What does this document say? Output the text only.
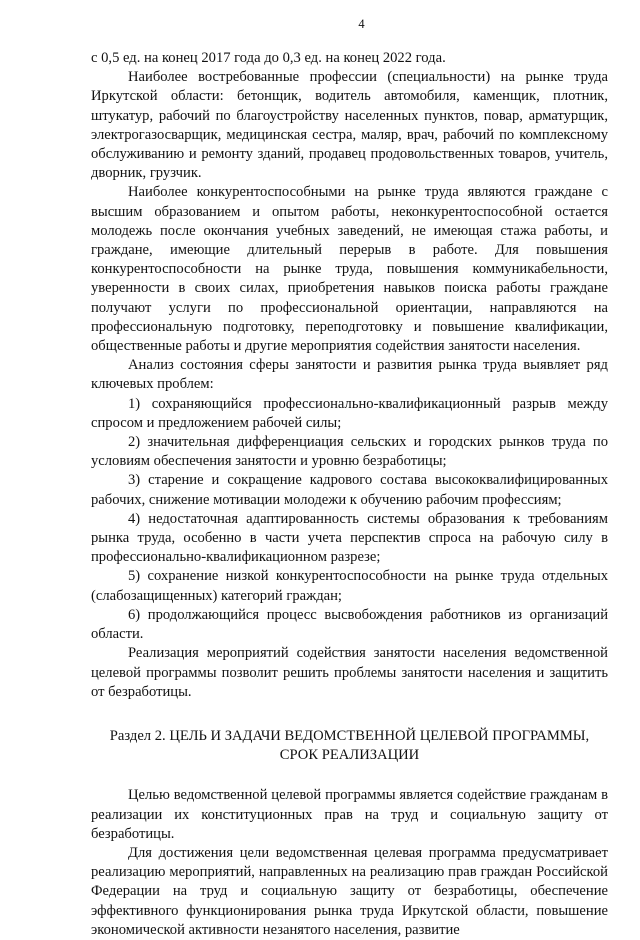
4

с 0,5 ед. на конец 2017 года до 0,3 ед. на конец 2022 года.

Наиболее востребованные профессии (специальности) на рынке труда Иркутской области: бетонщик, водитель автомобиля, каменщик, плотник, штукатур, рабочий по благоустройству населенных пунктов, повар, арматурщик, электрогазосварщик, медицинская сестра, маляр, врач, рабочий по комплексному обслуживанию и ремонту зданий, продавец продовольственных товаров, учитель, дворник, грузчик.

Наиболее конкурентоспособными на рынке труда являются граждане с высшим образованием и опытом работы, неконкурентоспособной остается молодежь после окончания учебных заведений, не имеющая стажа работы, и граждане, имеющие длительный перерыв в работе. Для повышения конкурентоспособности на рынке труда, повышения коммуникабельности, уверенности в своих силах, приобретения навыков поиска работы граждане получают услуги по профессиональной ориентации, направляются на профессиональную подготовку, переподготовку и повышение квалификации, общественные работы и другие мероприятия содействия занятости населения.

Анализ состояния сферы занятости и развития рынка труда выявляет ряд ключевых проблем:

1) сохраняющийся профессионально-квалификационный разрыв между спросом и предложением рабочей силы;

2) значительная дифференциация сельских и городских рынков труда по условиям обеспечения занятости и уровню безработицы;

3) старение и сокращение кадрового состава высококвалифицированных рабочих, снижение мотивации молодежи к обучению рабочим профессиям;

4) недостаточная адаптированность системы образования к требованиям рынка труда, особенно в части учета перспектив спроса на рабочую силу в профессионально-квалификационном разрезе;

5) сохранение низкой конкурентоспособности на рынке труда отдельных (слабозащищенных) категорий граждан;

6) продолжающийся процесс высвобождения работников из организаций области.

Реализация мероприятий содействия занятости населения ведомственной целевой программы позволит решить проблемы занятости населения и защитить от безработицы.

Раздел 2. ЦЕЛЬ И ЗАДАЧИ ВЕДОМСТВЕННОЙ ЦЕЛЕВОЙ ПРОГРАММЫ,
СРОК РЕАЛИЗАЦИИ

Целью ведомственной целевой программы является содействие гражданам в реализации их конституционных прав на труд и социальную защиту от безработицы.

Для достижения цели ведомственная целевая программа предусматривает реализацию мероприятий, направленных на реализацию прав граждан Российской Федерации на труд и социальную защиту от безработицы, обеспечение эффективного функционирования рынка труда Иркутской области, повышение экономической активности незанятого населения, развитие
